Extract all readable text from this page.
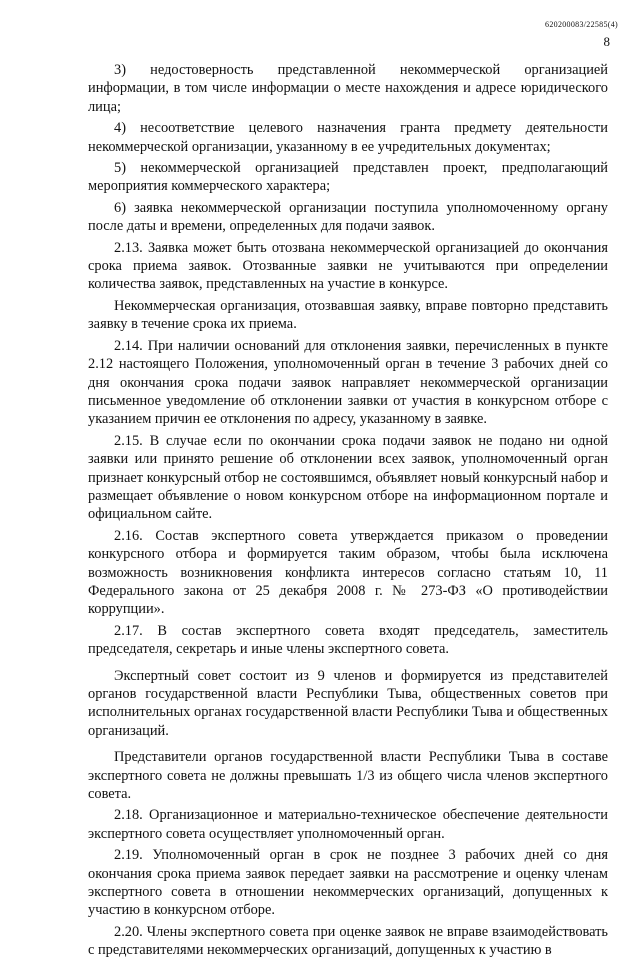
620200083/22585(4)
8

3) недостоверность представленной некоммерческой организацией информации, в том числе информации о месте нахождения и адресе юридического лица;

4) несоответствие целевого назначения гранта предмету деятельности некоммерческой организации, указанному в ее учредительных документах;

5) некоммерческой организацией представлен проект, предполагающий мероприятия коммерческого характера;

6) заявка некоммерческой организации поступила уполномоченному органу после даты и времени, определенных для подачи заявок.

2.13. Заявка может быть отозвана некоммерческой организацией до окончания срока приема заявок. Отозванные заявки не учитываются при определении количества заявок, представленных на участие в конкурсе.

Некоммерческая организация, отозвавшая заявку, вправе повторно представить заявку в течение срока их приема.

2.14. При наличии оснований для отклонения заявки, перечисленных в пункте 2.12 настоящего Положения, уполномоченный орган в течение 3 рабочих дней со дня окончания срока подачи заявок направляет некоммерческой организации письменное уведомление об отклонении заявки от участия в конкурсном отборе с указанием причин ее отклонения по адресу, указанному в заявке.

2.15. В случае если по окончании срока подачи заявок не подано ни одной заявки или принято решение об отклонении всех заявок, уполномоченный орган признает конкурсный отбор не состоявшимся, объявляет новый конкурсный набор и размещает объявление о новом конкурсном отборе на информационном портале и официальном сайте.

2.16. Состав экспертного совета утверждается приказом о проведении конкурсного отбора и формируется таким образом, чтобы была исключена возможность возникновения конфликта интересов согласно статьям 10, 11 Федерального закона от 25 декабря 2008 г. № 273-ФЗ «О противодействии коррупции».

2.17. В состав экспертного совета входят председатель, заместитель председателя, секретарь и иные члены экспертного совета.

Экспертный совет состоит из 9 членов и формируется из представителей органов государственной власти Республики Тыва, общественных советов при исполнительных органах государственной власти Республики Тыва и общественных организаций.

Представители органов государственной власти Республики Тыва в составе экспертного совета не должны превышать 1/3 из общего числа членов экспертного совета.

2.18. Организационное и материально-техническое обеспечение деятельности экспертного совета осуществляет уполномоченный орган.

2.19. Уполномоченный орган в срок не позднее 3 рабочих дней со дня окончания срока приема заявок передает заявки на рассмотрение и оценку членам экспертного совета в отношении некоммерческих организаций, допущенных к участию в конкурсном отборе.

2.20. Члены экспертного совета при оценке заявок не вправе взаимодействовать с представителями некоммерческих организаций, допущенных к участию в
